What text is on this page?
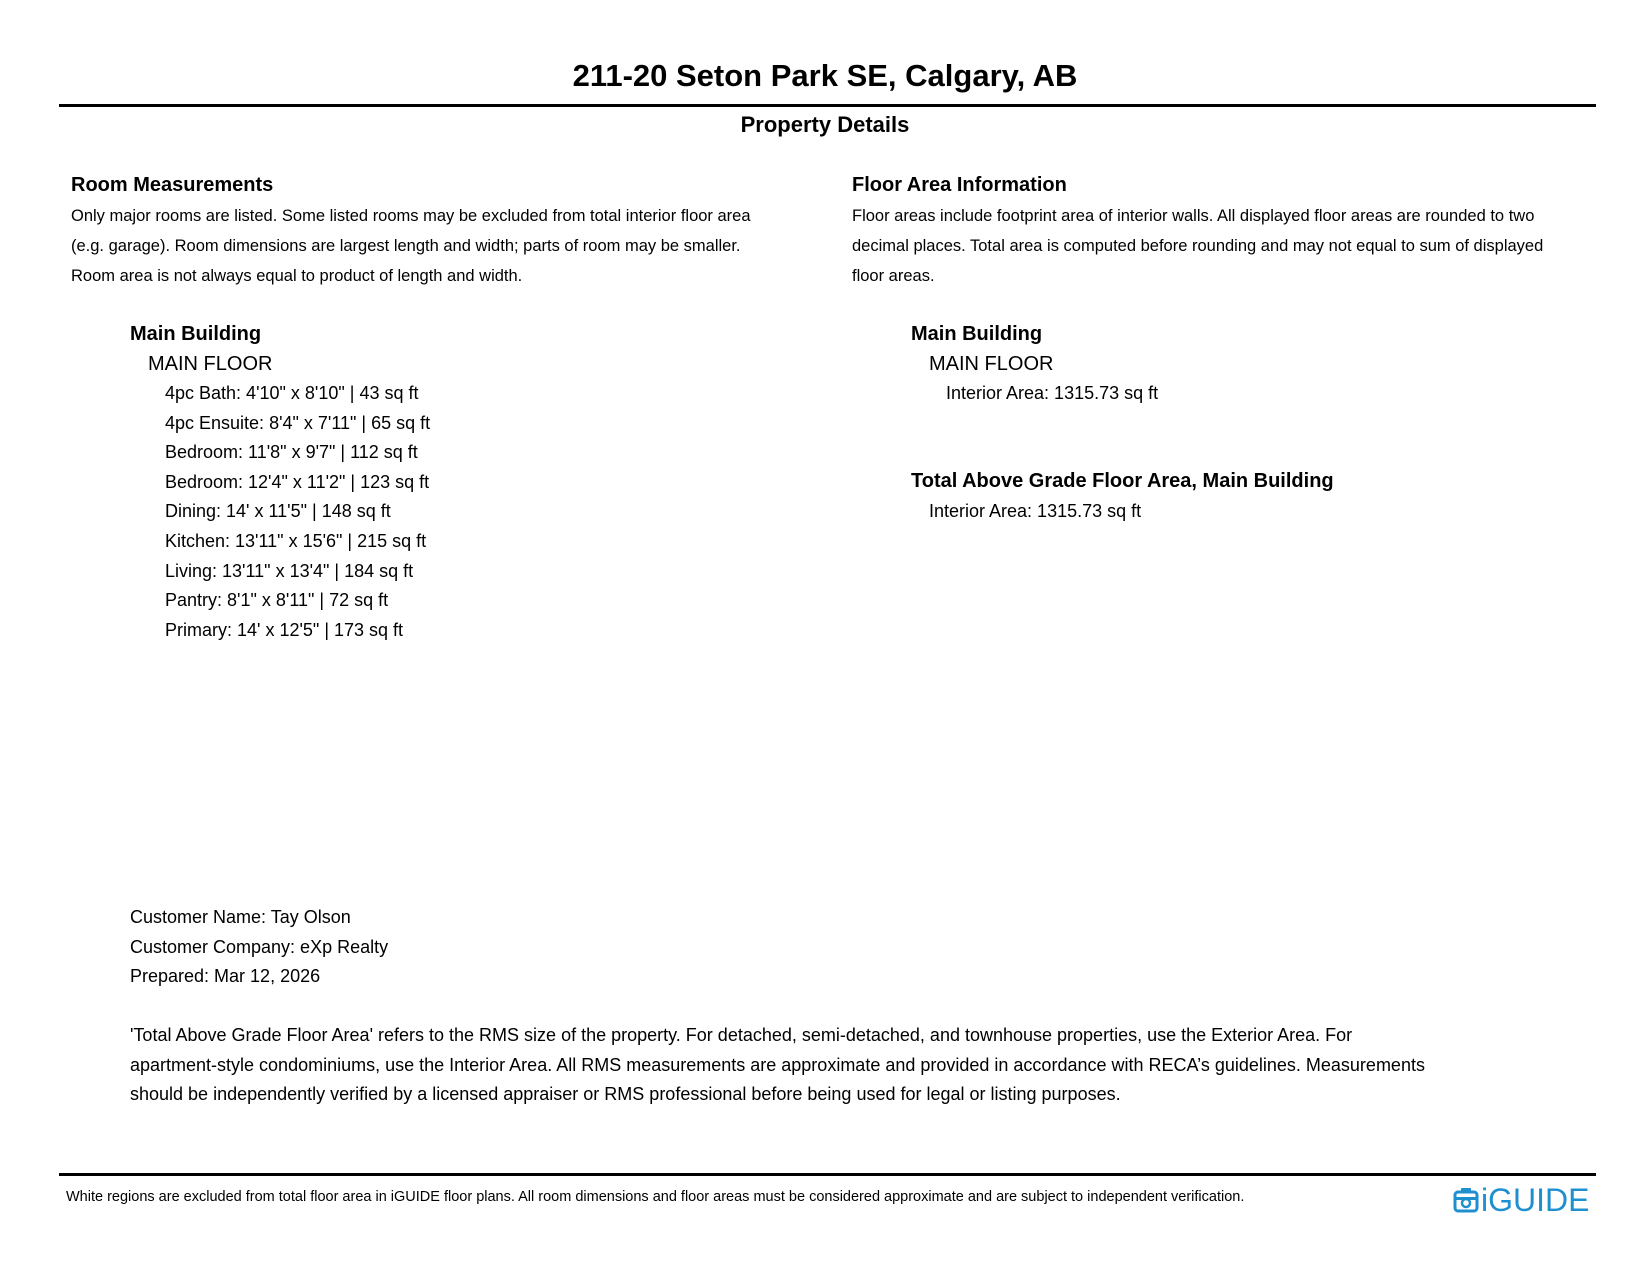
211-20 Seton Park SE, Calgary, AB
Property Details
Room Measurements
Only major rooms are listed. Some listed rooms may be excluded from total interior floor area
(e.g. garage). Room dimensions are largest length and width; parts of room may be smaller.
Room area is not always equal to product of length and width.
Main Building
MAIN FLOOR
4pc Bath: 4'10" x 8'10" | 43 sq ft
4pc Ensuite: 8'4" x 7'11" | 65 sq ft
Bedroom: 11'8" x 9'7" | 112 sq ft
Bedroom: 12'4" x 11'2" | 123 sq ft
Dining: 14' x 11'5" | 148 sq ft
Kitchen: 13'11" x 15'6" | 215 sq ft
Living: 13'11" x 13'4" | 184 sq ft
Pantry: 8'1" x 8'11" | 72 sq ft
Primary: 14' x 12'5" | 173 sq ft
Floor Area Information
Floor areas include footprint area of interior walls. All displayed floor areas are rounded to two
decimal places. Total area is computed before rounding and may not equal to sum of displayed
floor areas.
Main Building
MAIN FLOOR
Interior Area: 1315.73 sq ft
Total Above Grade Floor Area, Main Building
Interior Area: 1315.73 sq ft
Customer Name: Tay Olson
Customer Company: eXp Realty
Prepared: Mar 12, 2026
'Total Above Grade Floor Area' refers to the RMS size of the property. For detached, semi-detached, and townhouse properties, use the Exterior Area. For
apartment-style condominiums, use the Interior Area. All RMS measurements are approximate and provided in accordance with RECA’s guidelines. Measurements
should be independently verified by a licensed appraiser or RMS professional before being used for legal or listing purposes.
White regions are excluded from total floor area in iGUIDE floor plans. All room dimensions and floor areas must be considered approximate and are subject to independent verification.	iGUIDE
